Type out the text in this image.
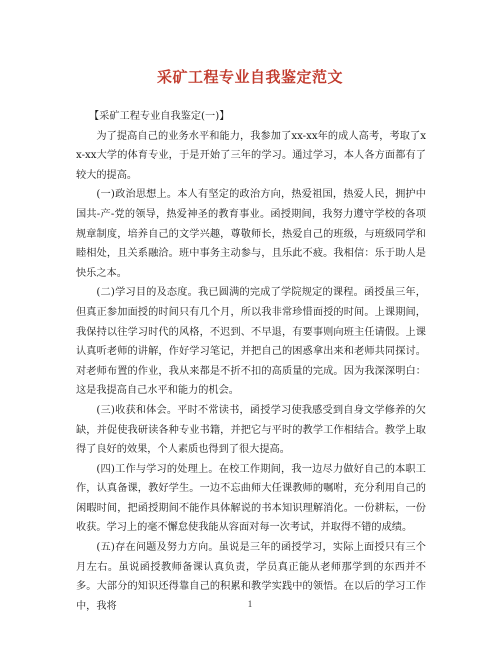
采矿工程专业自我鉴定范文

【采矿工程专业自我鉴定(一)】

为了提高自己的业务水平和能力，我参加了xx-xx年的成人高考，考取了xx-xx大学的体育专业，于是开始了三年的学习。通过学习，本人各方面都有了较大的提高。

(一)政治思想上。本人有坚定的政治方向，热爱祖国，热爱人民，拥护中国共-产-党的领导，热爱神圣的教育事业。函授期间，我努力遵守学校的各项规章制度，培养自己的文学兴趣，尊敬师长，热爱自己的班级，与班级同学和睦相处，且关系融洽。班中事务主动参与，且乐此不疲。我相信：乐于助人是快乐之本。

(二)学习目的及态度。我已圆满的完成了学院规定的课程。函授虽三年，但真正参加面授的时间只有几个月，所以我非常珍惜面授的时间。上课期间，我保持以往学习时代的风格，不迟到、不早退，有要事则向班主任请假。上课认真听老师的讲解，作好学习笔记，并把自己的困惑拿出来和老师共同探讨。对老师布置的作业，我从来都是不折不扣的高质量的完成。因为我深深明白：这是我提高自己水平和能力的机会。

(三)收获和体会。平时不常读书，函授学习使我感受到自身文学修养的欠缺，并促使我研读各种专业书籍，并把它与平时的教学工作相结合。教学上取得了良好的效果，个人素质也得到了很大提高。

(四)工作与学习的处理上。在校工作期间，我一边尽力做好自己的本职工作，认真备课，教好学生。一边不忘曲师大任课教师的嘱咐，充分利用自己的闲暇时间，把函授期间不能作具体解说的书本知识理解消化。一份耕耘，一份收获。学习上的毫不懈怠使我能从容面对每一次考试，并取得不错的成绩。

(五)存在问题及努力方向。虽说是三年的函授学习，实际上面授只有三个月左右。虽说函授教师备课认真负责，学员真正能从老师那学到的东西并不多。大部分的知识还得靠自己的积累和教学实践中的领悟。在以后的学习工作中，我将	1
